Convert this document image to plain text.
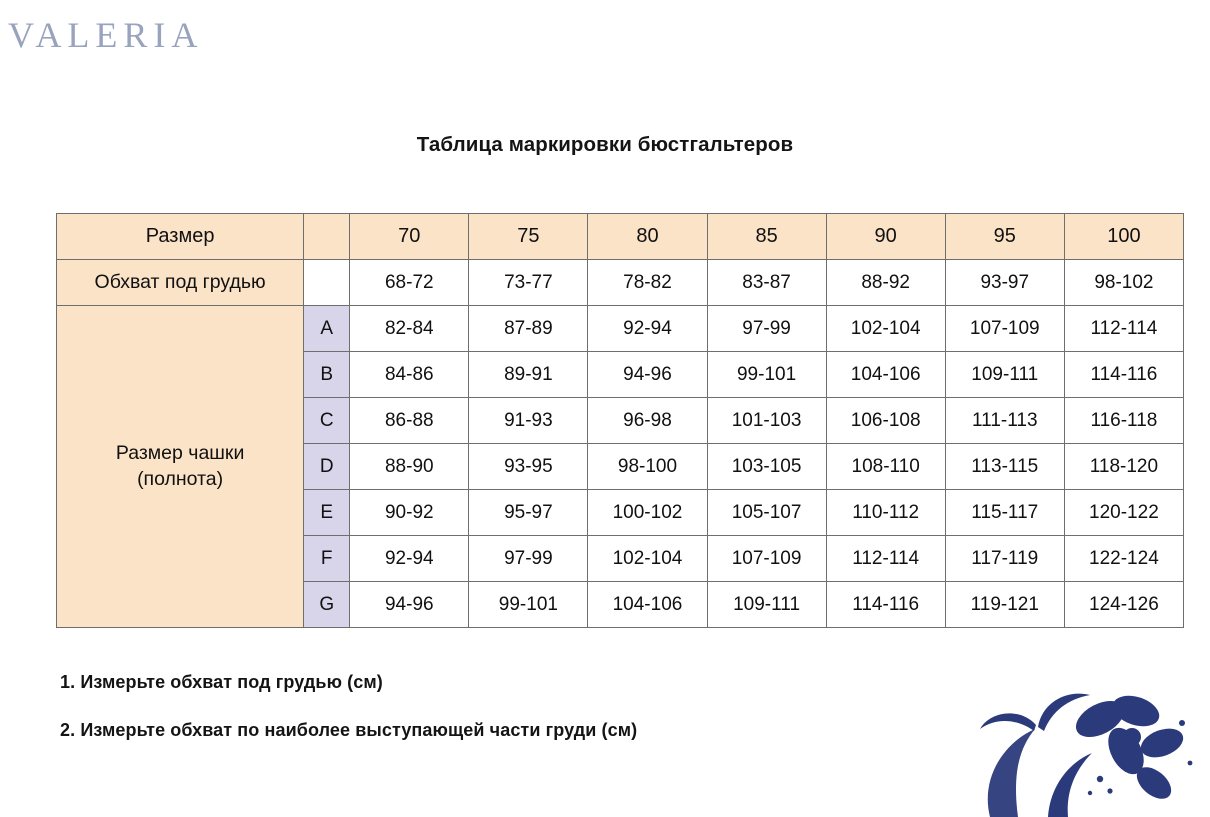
VALERIA
Таблица маркировки бюстгальтеров
Размер		70	75	80	85	90	95	100
Обхват под грудью		68-72	73-77	78-82	83-87	88-92	93-97	98-102
Размер чашки
(полнота)	A	82-84	87-89	92-94	97-99	102-104	107-109	112-114
	B	84-86	89-91	94-96	99-101	104-106	109-111	114-116
	C	86-88	91-93	96-98	101-103	106-108	111-113	116-118
	D	88-90	93-95	98-100	103-105	108-110	113-115	118-120
	E	90-92	95-97	100-102	105-107	110-112	115-117	120-122
	F	92-94	97-99	102-104	107-109	112-114	117-119	122-124
	G	94-96	99-101	104-106	109-111	114-116	119-121	124-126
1. Измерьте обхват под грудью (см)
2. Измерьте обхват по наиболее выступающей части груди (см)
